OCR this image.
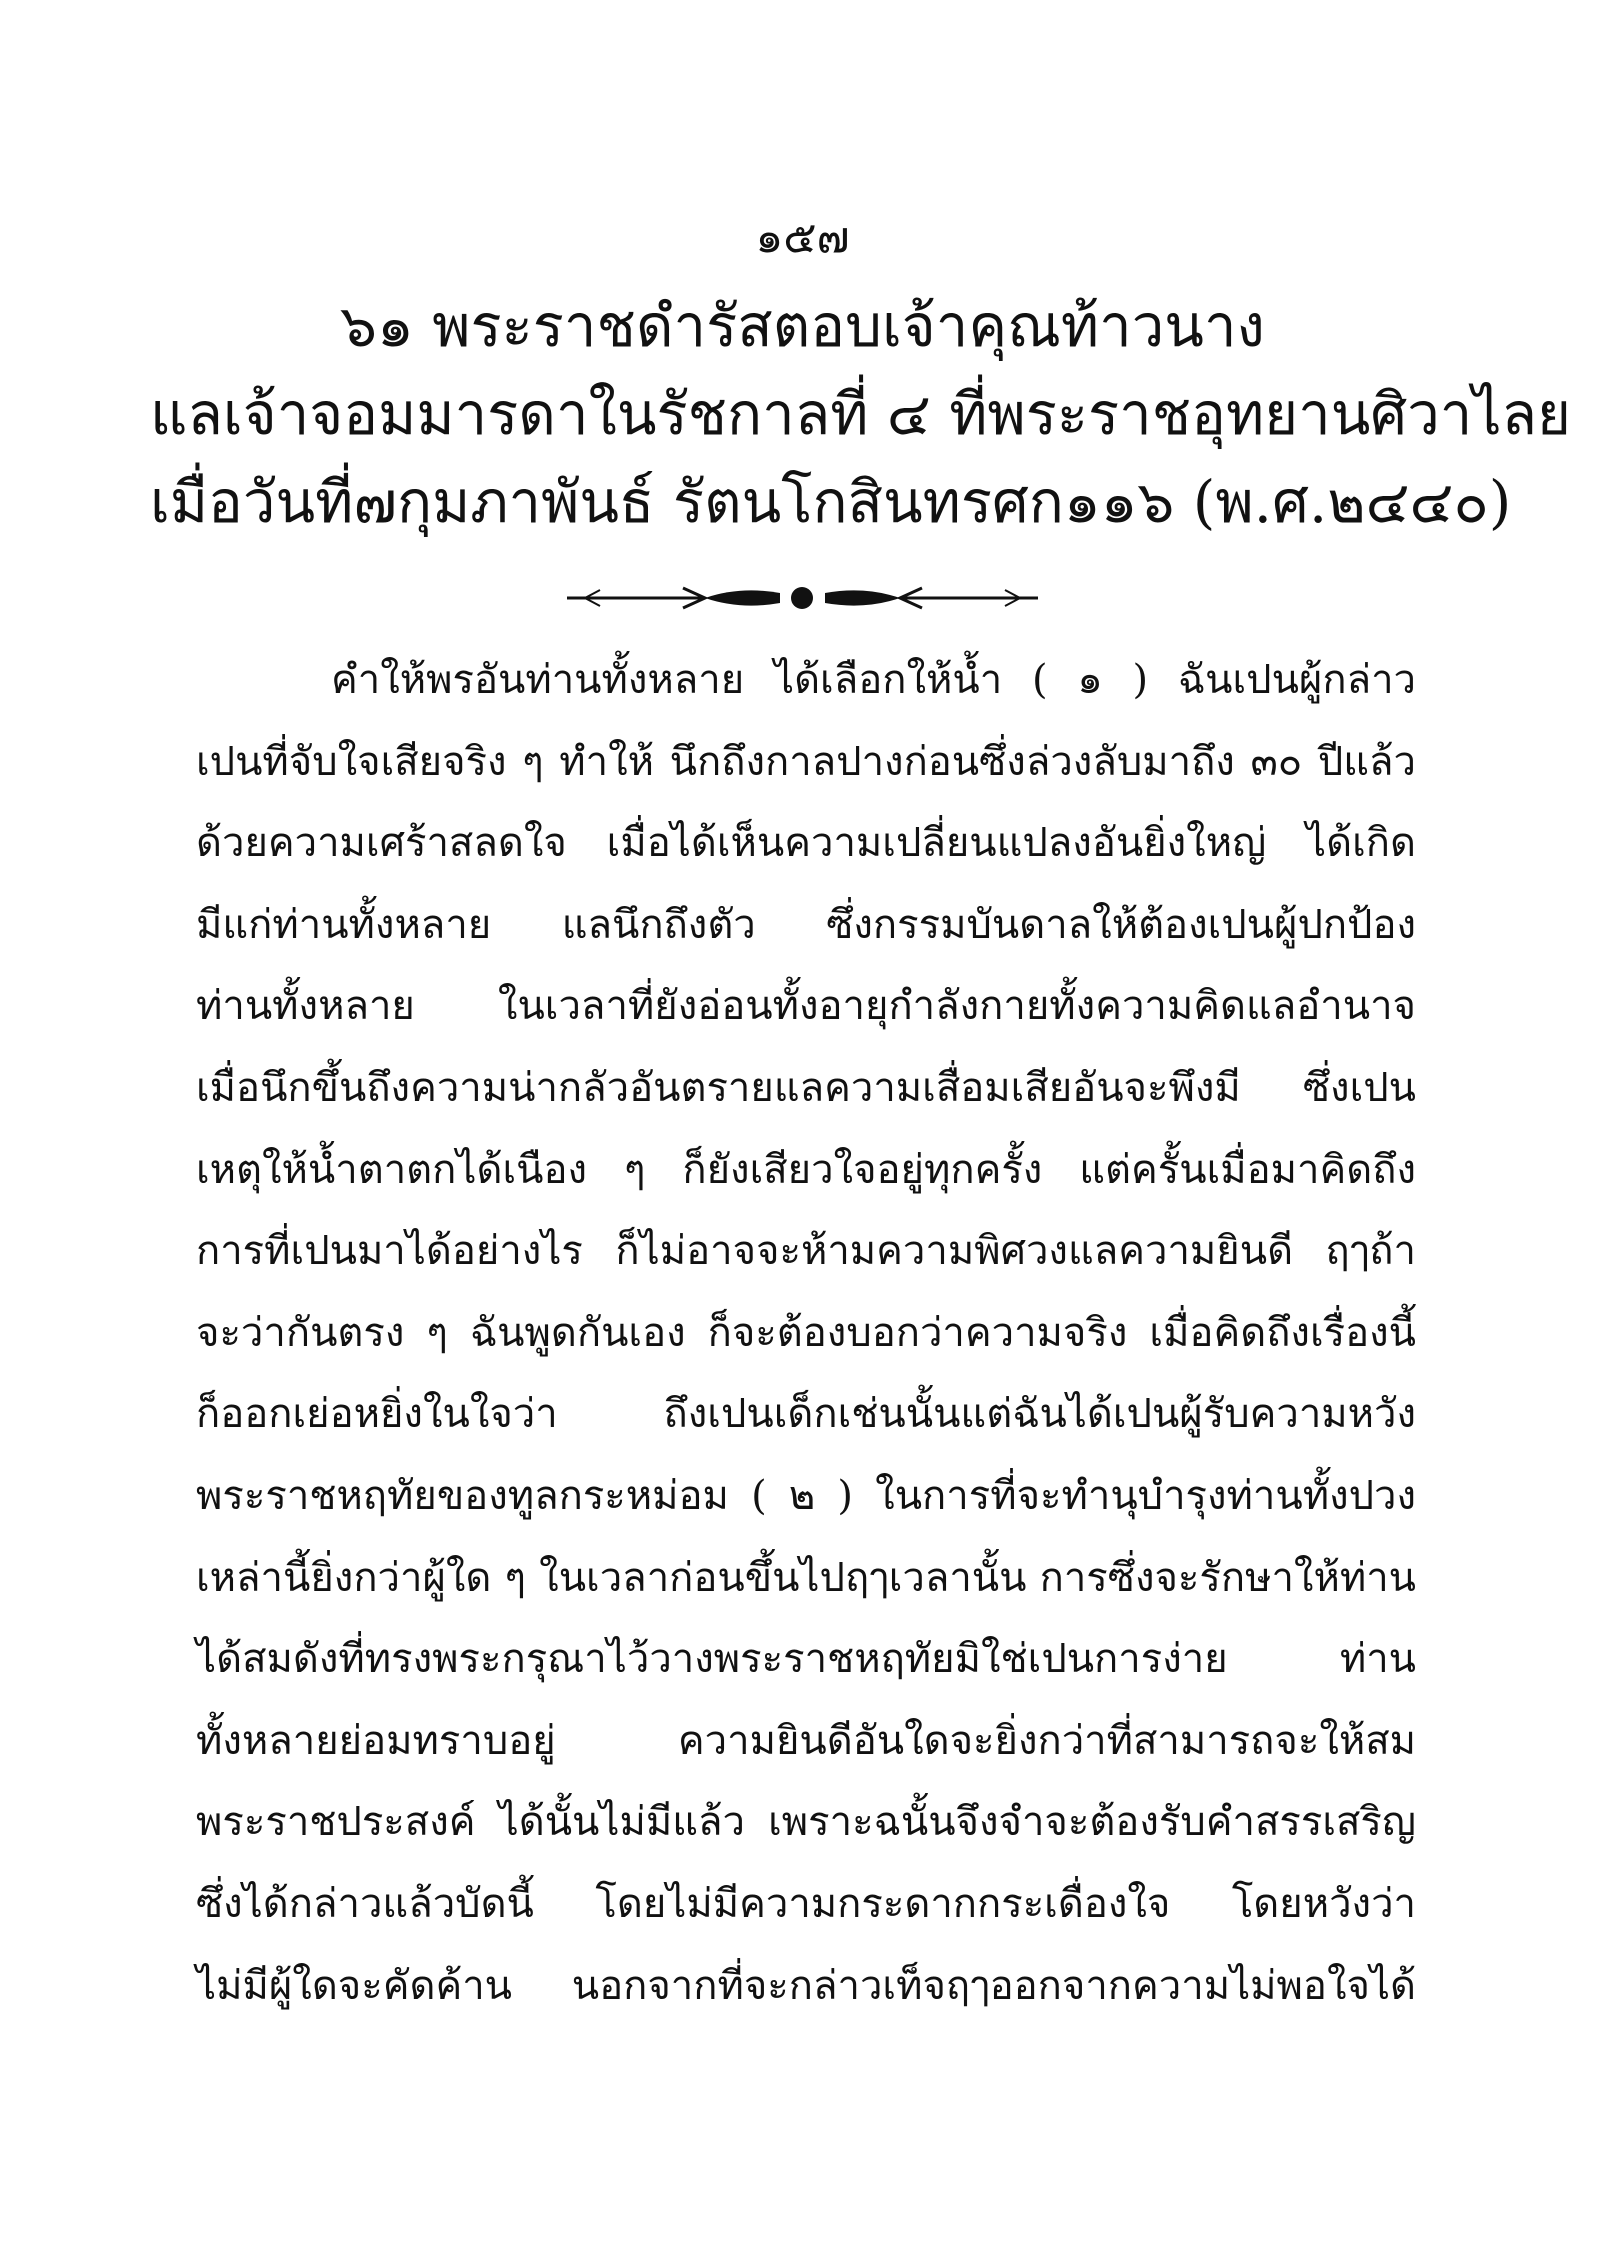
๑๕๗
๖๑ พระราชดำรัสตอบเจ้าคุณท้าวนาง
แลเจ้าจอมมารดาในรัชกาลที่ ๔ ที่พระราชอุทยานศิวาไลย
เมื่อวันที่๗กุมภาพันธ์ รัตนโกสินทรศก๑๑๖ (พ.ศ.๒๔๔๐)
คำให้พรอันท่านทั้งหลาย ได้เลือกให้น้ำ ( ๑ ) ฉันเปนผู้กล่าว
เปนที่จับใจเสียจริง ๆ ทำให้ นึกถึงกาลปางก่อนซึ่งล่วงลับมาถึง ๓๐ ปีแล้ว
ด้วยความเศร้าสลดใจ เมื่อได้เห็นความเปลี่ยนแปลงอันยิ่งใหญ่ ได้เกิด
มีแก่ท่านทั้งหลาย แลนึกถึงตัว ซึ่งกรรมบันดาลให้ต้องเปนผู้ปกป้อง
ท่านทั้งหลาย ในเวลาที่ยังอ่อนทั้งอายุกำลังกายทั้งความคิดแลอำนาจ
เมื่อนึกขึ้นถึงความน่ากลัวอันตรายแลความเสื่อมเสียอันจะพึงมี ซึ่งเปน
เหตุให้น้ำตาตกได้เนือง ๆ ก็ยังเสียวใจอยู่ทุกครั้ง แต่ครั้นเมื่อมาคิดถึง
การที่เปนมาได้อย่างไร ก็ไม่อาจจะห้ามความพิศวงแลความยินดี ฤๅถ้า
จะว่ากันตรง ๆ ฉันพูดกันเอง ก็จะต้องบอกว่าความจริง เมื่อคิดถึงเรื่องนี้
ก็ออกเย่อหยิ่งในใจว่า ถึงเปนเด็กเช่นนั้นแต่ฉันได้เปนผู้รับความหวัง
พระราชหฤทัยของทูลกระหม่อม ( ๒ ) ในการที่จะทำนุบำรุงท่านทั้งปวง
เหล่านี้ยิ่งกว่าผู้ใด ๆ ในเวลาก่อนขึ้นไปฤๅเวลานั้น การซึ่งจะรักษาให้ท่าน
ได้สมดังที่ทรงพระกรุณาไว้วางพระราชหฤทัยมิใช่เปนการง่าย ท่าน
ทั้งหลายย่อมทราบอยู่ ความยินดีอันใดจะยิ่งกว่าที่สามารถจะให้สม
พระราชประสงค์ ได้นั้นไม่มีแล้ว เพราะฉนั้นจึงจำจะต้องรับคำสรรเสริญ
ซึ่งได้กล่าวแล้วบัดนี้ โดยไม่มีความกระดากกระเดื่องใจ โดยหวังว่า
ไม่มีผู้ใดจะคัดค้าน นอกจากที่จะกล่าวเท็จฤๅออกจากความไม่พอใจได้
